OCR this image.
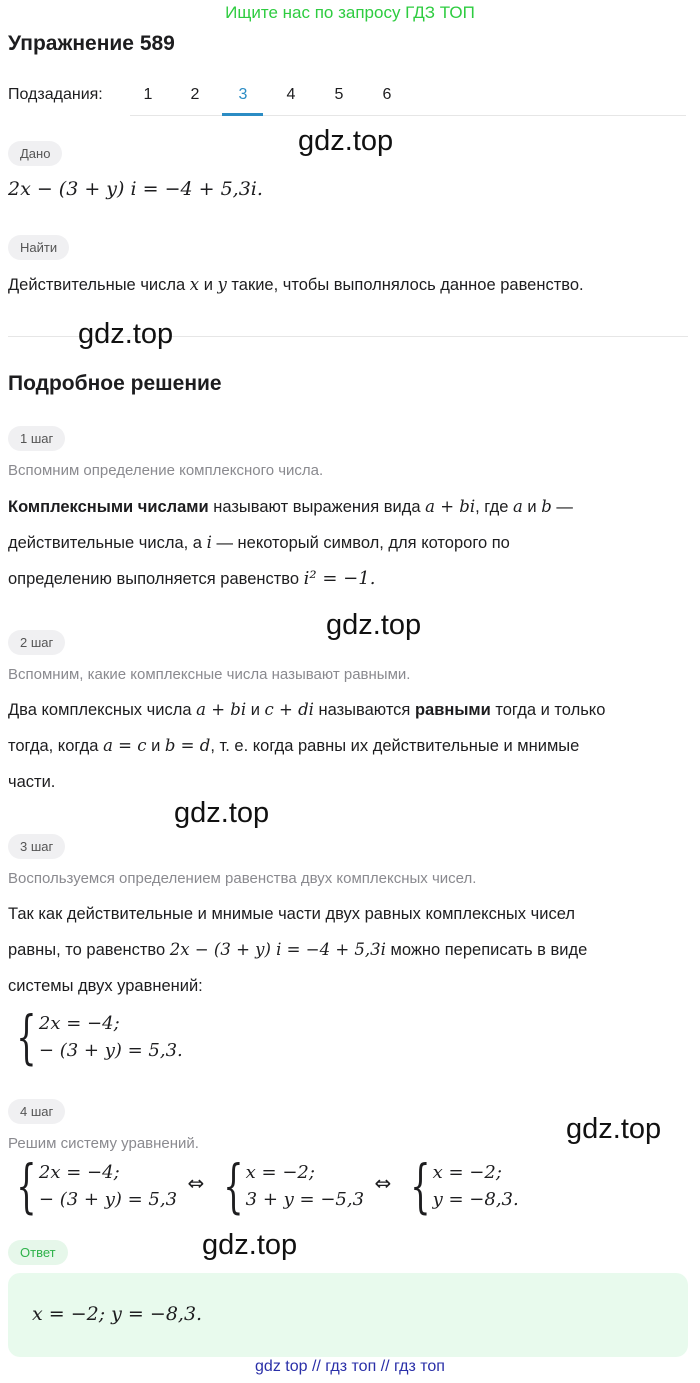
Ищите нас по запросу ГДЗ ТОП
Упражнение 589
Подзадания:	1	2	3	4	5	6
Дано	gdz.top
2x − (3 + y) i = −4 + 5,3i.
Найти
Действительные числа x и y такие, чтобы выполнялось данное равенство.
gdz.top
Подробное решение
1 шаг
Вспомним определение комплексного числа.
Комплексными числами называют выражения вида a + bi, где a и b —
действительные числа, а i — некоторый символ, для которого по
определению выполняется равенство i² = −1.
gdz.top
2 шаг
Вспомним, какие комплексные числа называют равными.
Два комплексных числа a + bi и c + di называются равными тогда и только
тогда, когда a = c и b = d, т. е. когда равны их действительные и мнимые
части.
gdz.top
3 шаг
Воспользуемся определением равенства двух комплексных чисел.
Так как действительные и мнимые части двух равных комплексных чисел
равны, то равенство 2x − (3 + y) i = −4 + 5,3i можно переписать в виде
системы двух уравнений:
{ 2x = −4;
− (3 + y) = 5,3.
4 шаг
gdz.top
Решим систему уравнений.
{ 2x = −4;
− (3 + y) = 5,3
⇔ { x = −2;
3 + y = −5,3
⇔ { x = −2;
y = −8,3.
Ответ	gdz.top
x = −2; y = −8,3.
gdz top // гдз топ // гдз топ
